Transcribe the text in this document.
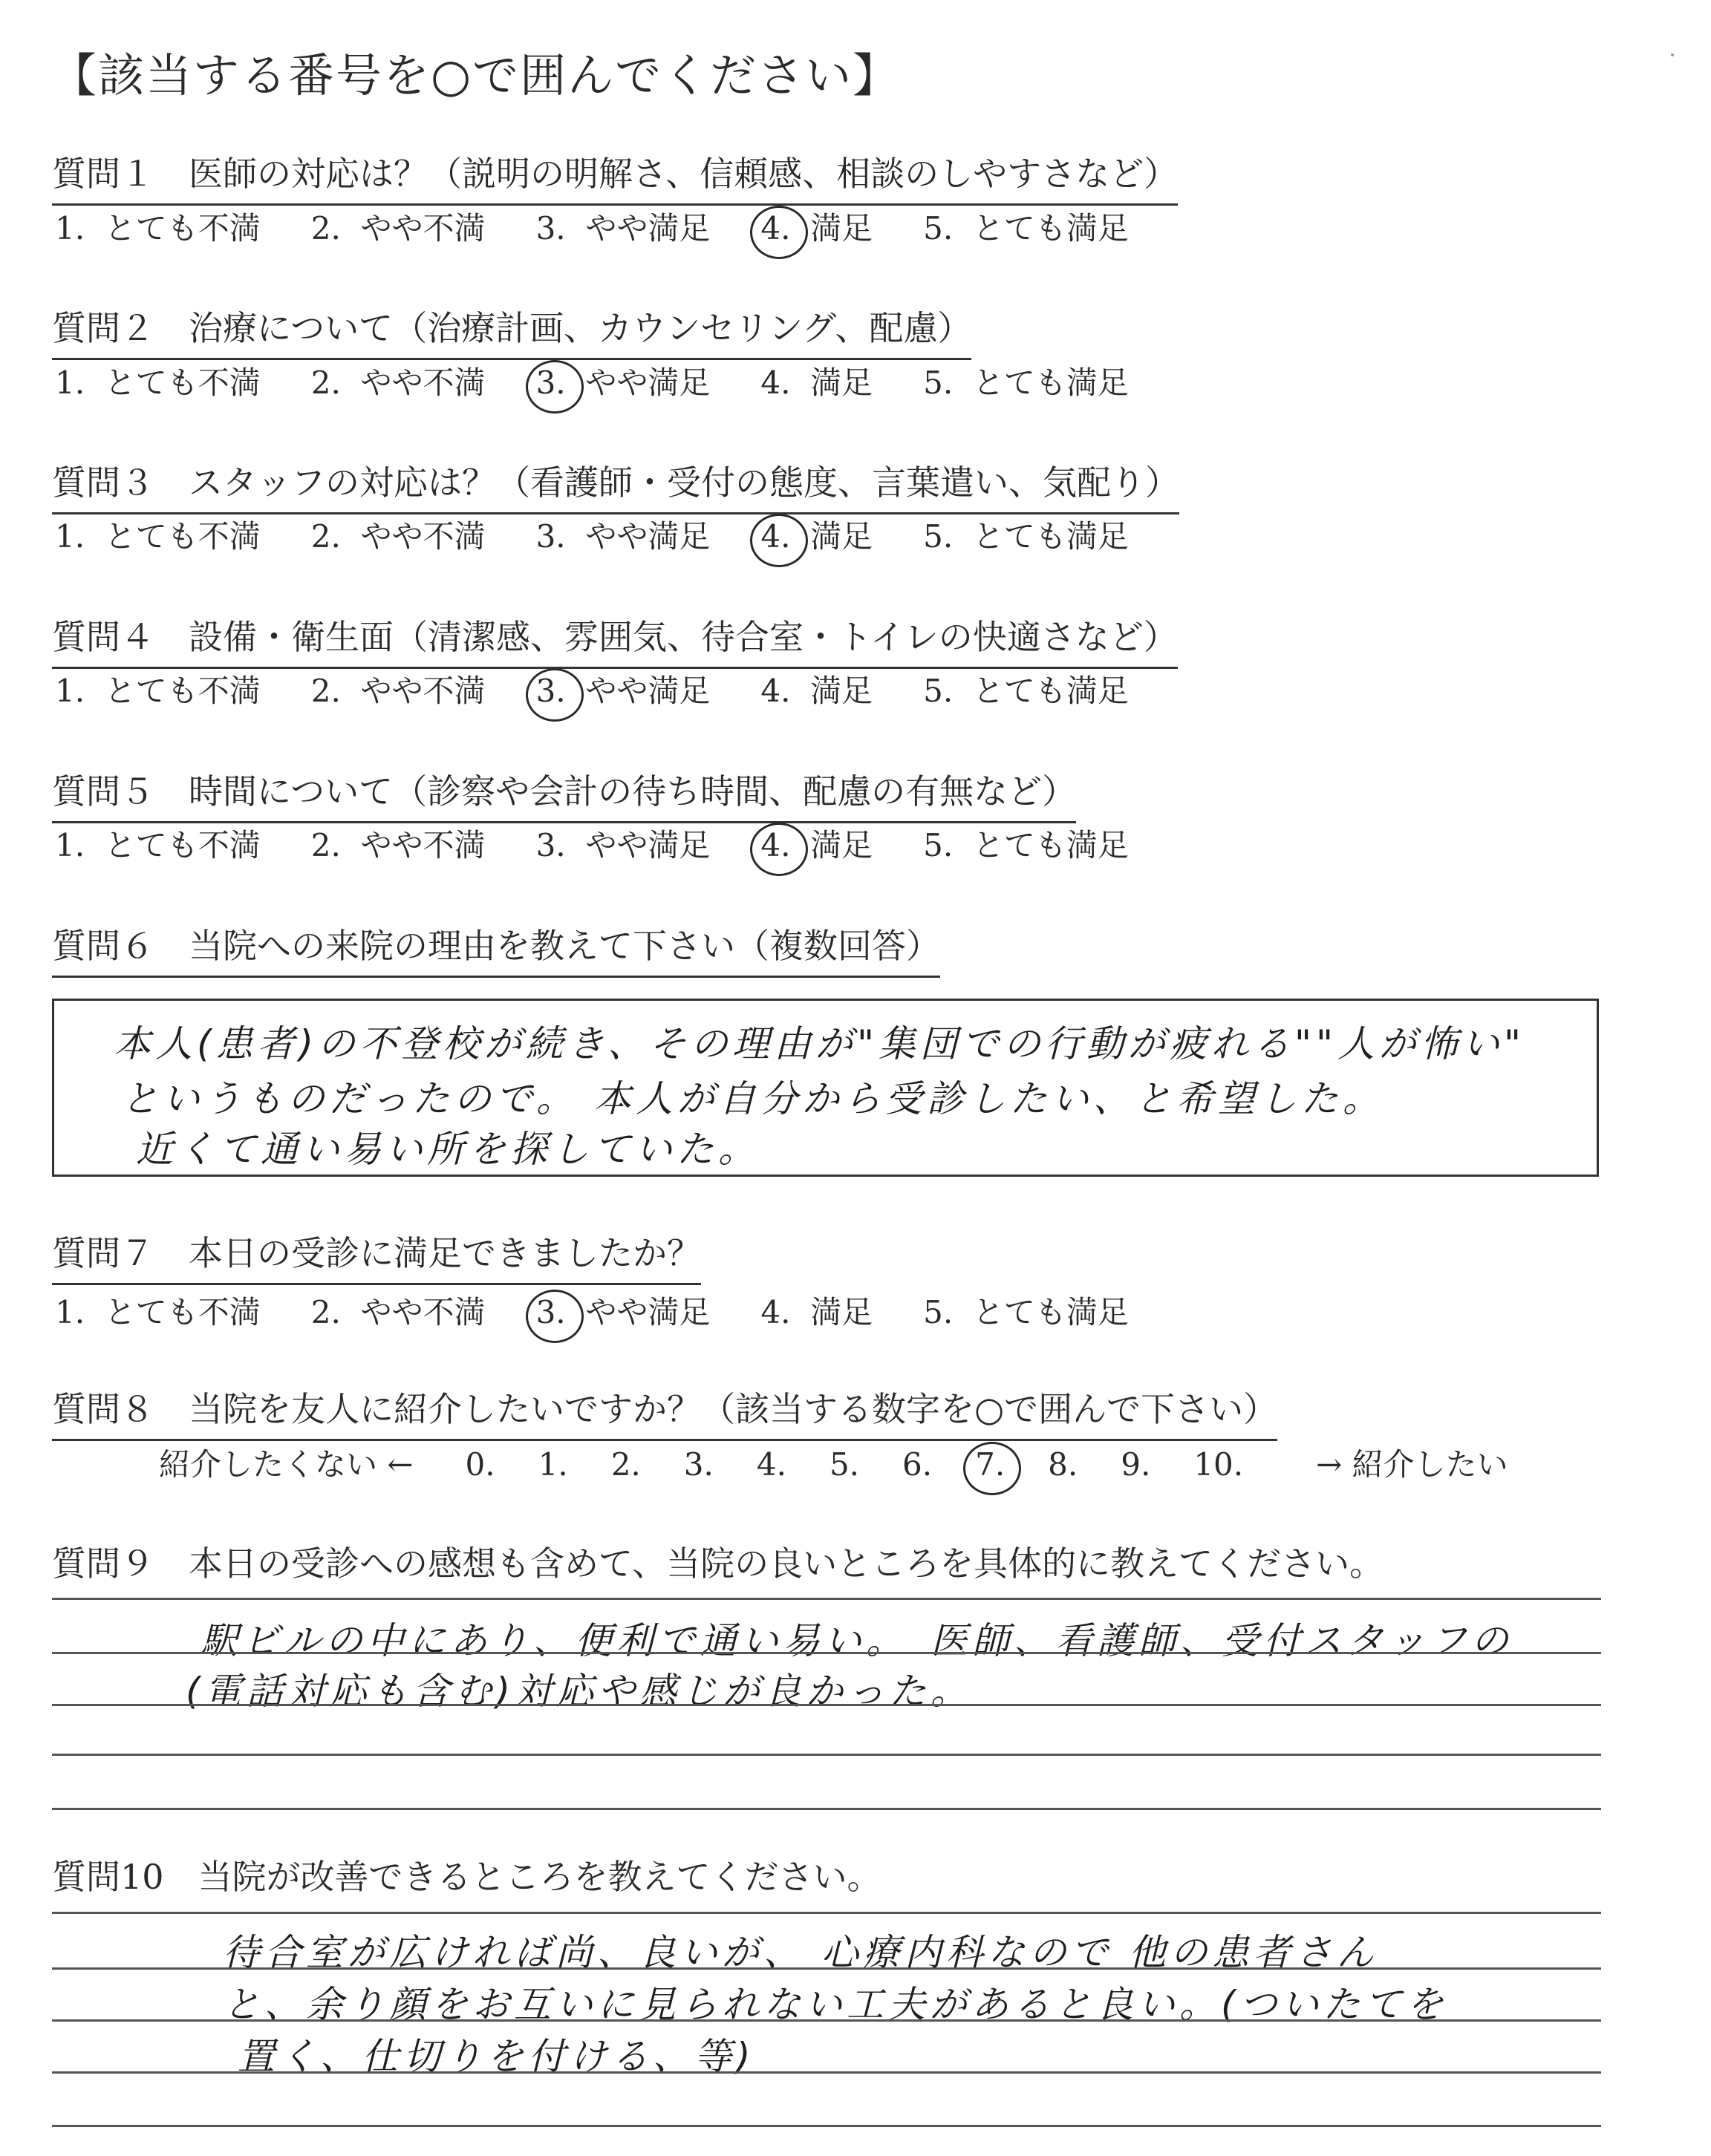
【該当する番号を○で囲んでください】
質問１　医師の対応は？（説明の明解さ、信頼感、相談のしやすさなど）
1.  とても不満 2.  やや不満 3.  やや満足 4.  満足 5.  とても満足
質問２　治療について（治療計画、カウンセリング、配慮）
1.  とても不満 2.  やや不満 3.  やや満足 4.  満足 5.  とても満足
質問３　スタッフの対応は？（看護師・受付の態度、言葉遣い、気配り）
1.  とても不満 2.  やや不満 3.  やや満足 4.  満足 5.  とても満足
質問４　設備・衛生面（清潔感、雰囲気、待合室・トイレの快適さなど）
1.  とても不満 2.  やや不満 3.  やや満足 4.  満足 5.  とても満足
質問５　時間について（診察や会計の待ち時間、配慮の有無など）
1.  とても不満 2.  やや不満 3.  やや満足 4.  満足 5.  とても満足
質問６　当院への来院の理由を教えて下さい（複数回答）
本人(患者)の不登校が続き、その理由が"集団での行動が疲れる""人が怖い"
というものだったので。 本人が自分から受診したい、と希望した。
近くて通い易い所を探していた。
質問７　本日の受診に満足できましたか？
1.  とても不満 2.  やや不満 3.  やや満足 4.  満足 5.  とても満足
質問８　当院を友人に紹介したいですか？（該当する数字を○で囲んで下さい）
紹介したくない ← 0. 1. 2. 3. 4. 5. 6. 7. 8. 9. 10. → 紹介したい
質問９　本日の受診への感想も含めて、当院の良いところを具体的に教えてください。
駅ビルの中にあり、便利で通い易い。　医師、看護師、受付スタッフの
(電話対応も含む)対応や感じが良かった。
質問10　当院が改善できるところを教えてください。
待合室が広ければ尚、良いが、 心療内科なので 他の患者さん
と、余り顔をお互いに見られない工夫があると良い。(ついたてを
置く、仕切りを付ける、等)
